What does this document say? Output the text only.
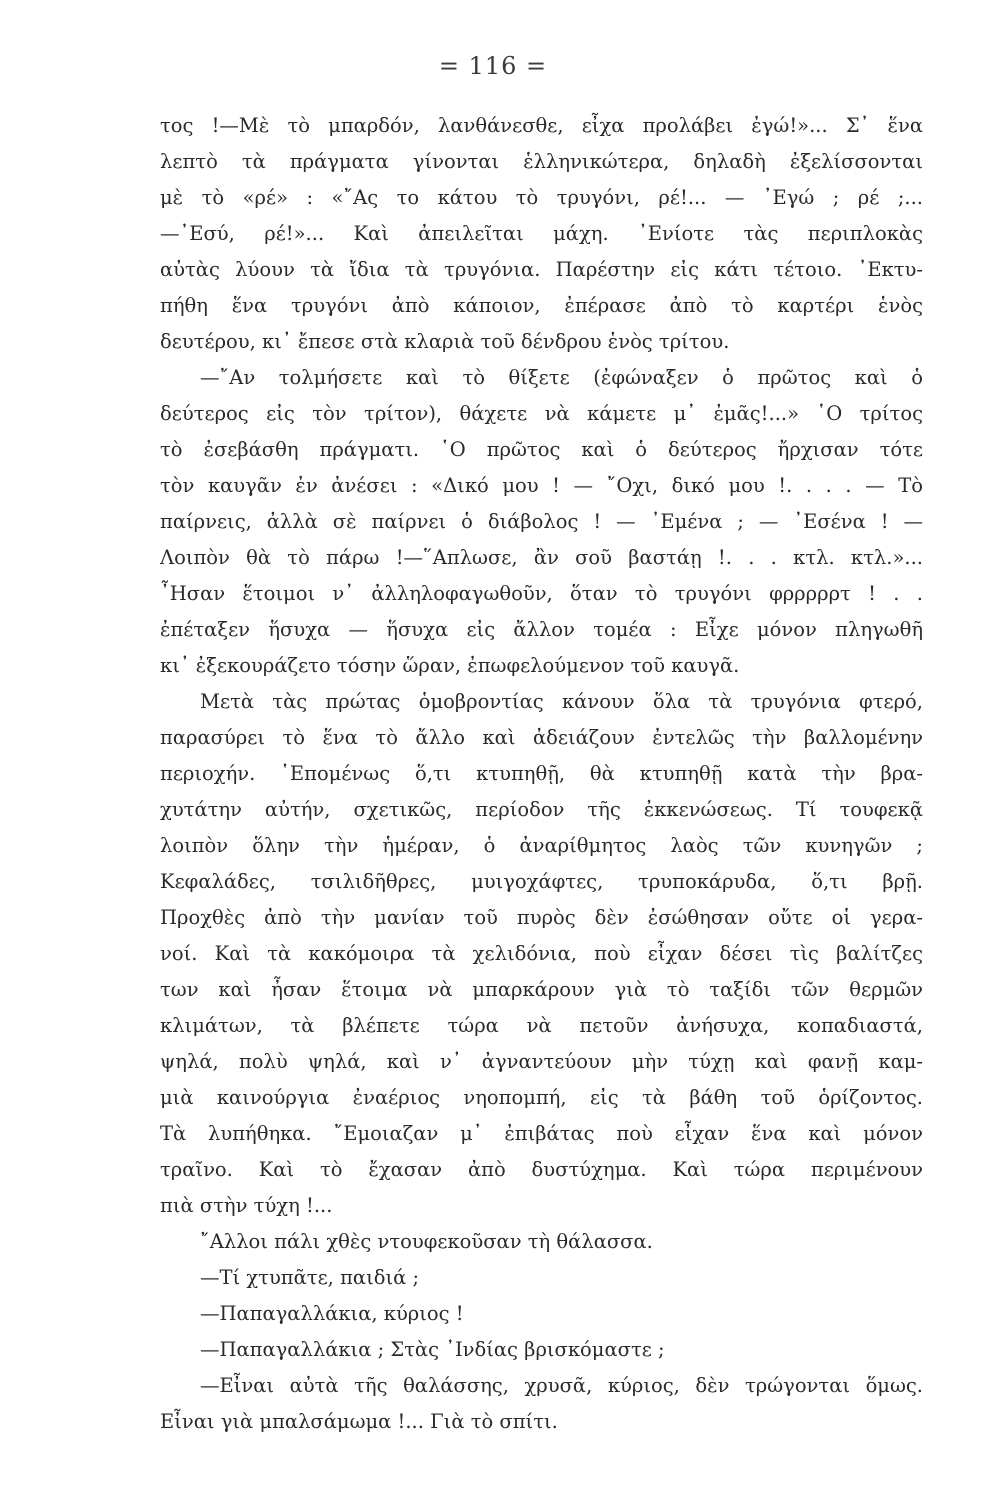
= 116 =
τος !—Μὲ τὸ μπαρδόν, λανθάνεσθε, εἶχα προλάβει ἐγώ!»... Σ᾽ ἕνα
λεπτὸ τὰ πράγματα γίνονται ἑλληνικώτερα, δηλαδὴ ἐξελίσσονται
μὲ τὸ «ρέ» : «῎Ας το κάτου τὸ τρυγόνι, ρέ!... — ᾽Εγώ ; ρέ ;...
—᾽Εσύ, ρέ!»... Καὶ ἀπειλεῖται μάχη. ᾽Ενίοτε τὰς περιπλοκὰς
αὐτὰς λύουν τὰ ἴδια τὰ τρυγόνια. Παρέστην εἰς κάτι τέτοιο. ᾽Εκτυ-
πήθη ἕνα τρυγόνι ἀπὸ κάποιον, ἐπέρασε ἀπὸ τὸ καρτέρι ἑνὸς
δευτέρου, κι᾽ ἔπεσε στὰ κλαριὰ τοῦ δένδρου ἑνὸς τρίτου.
—῎Αν τολμήσετε καὶ τὸ θίξετε (ἐφώναξεν ὁ πρῶτος καὶ ὁ
δεύτερος εἰς τὸν τρίτον), θάχετε νὰ κάμετε μ᾽ ἐμᾶς!...» ῾Ο τρίτος
τὸ ἐσεβάσθη πράγματι. ῾Ο πρῶτος καὶ ὁ δεύτερος ἤρχισαν τότε
τὸν καυγᾶν ἐν ἀνέσει : «Δικό μου ! — ῎Οχι, δικό μου !. . . . — Τὸ
παίρνεις, ἀλλὰ σὲ παίρνει ὁ διάβολος ! — ᾽Εμένα ; — ᾽Εσένα ! —
Λοιπὸν θὰ τὸ πάρω !—῞Απλωσε, ἂν σοῦ βαστάῃ !. . . κτλ. κτλ.»...
῏Ησαν ἕτοιμοι ν᾽ ἀλληλοφαγωθοῦν, ὅταν τὸ τρυγόνι φρρρρρτ ! . .
ἐπέταξεν ἥσυχα — ἥσυχα εἰς ἄλλον τομέα : Εἶχε μόνον πληγωθῆ
κι᾽ ἐξεκουράζετο τόσην ὥραν, ἐπωφελούμενον τοῦ καυγᾶ.
Μετὰ τὰς πρώτας ὁμοβροντίας κάνουν ὅλα τὰ τρυγόνια φτερό,
παρασύρει τὸ ἕνα τὸ ἄλλο καὶ ἀδειάζουν ἐντελῶς τὴν βαλλομένην
περιοχήν. ῾Επομένως ὅ,τι κτυπηθῇ, θὰ κτυπηθῇ κατὰ τὴν βρα-
χυτάτην αὐτήν, σχετικῶς, περίοδον τῆς ἐκκενώσεως. Τί τουφεκᾷ
λοιπὸν ὅλην τὴν ἡμέραν, ὁ ἀναρίθμητος λαὸς τῶν κυνηγῶν ;
Κεφαλάδες, τσιλιδῆθρες, μυιγοχάφτες, τρυποκάρυδα, ὅ,τι βρῇ.
Προχθὲς ἀπὸ τὴν μανίαν τοῦ πυρὸς δὲν ἐσώθησαν οὔτε οἱ γερα-
νοί. Καὶ τὰ κακόμοιρα τὰ χελιδόνια, ποὺ εἶχαν δέσει τὶς βαλίτζες
των καὶ ἦσαν ἕτοιμα νὰ μπαρκάρουν γιὰ τὸ ταξίδι τῶν θερμῶν
κλιμάτων, τὰ βλέπετε τώρα νὰ πετοῦν ἀνήσυχα, κοπαδιαστά,
ψηλά, πολὺ ψηλά, καὶ ν᾽ ἀγναντεύουν μὴν τύχῃ καὶ φανῇ καμ-
μιὰ καινούργια ἐναέριος νηοπομπή, εἰς τὰ βάθη τοῦ ὁρίζοντος.
Τὰ λυπήθηκα. ῎Εμοιαζαν μ᾽ ἐπιβάτας ποὺ εἶχαν ἕνα καὶ μόνον
τραῖνο. Καὶ τὸ ἔχασαν ἀπὸ δυστύχημα. Καὶ τώρα περιμένουν
πιὰ στὴν τύχη !...
῎Αλλοι πάλι χθὲς ντουφεκοῦσαν τὴ θάλασσα.
—Τί χτυπᾶτε, παιδιά ;
—Παπαγαλλάκια, κύριος !
—Παπαγαλλάκια ; Στὰς ᾽Ινδίας βρισκόμαστε ;
—Εἶναι αὐτὰ τῆς θαλάσσης, χρυσᾶ, κύριος, δὲν τρώγονται ὅμως.
Εἶναι γιὰ μπαλσάμωμα !... Γιὰ τὸ σπίτι.
